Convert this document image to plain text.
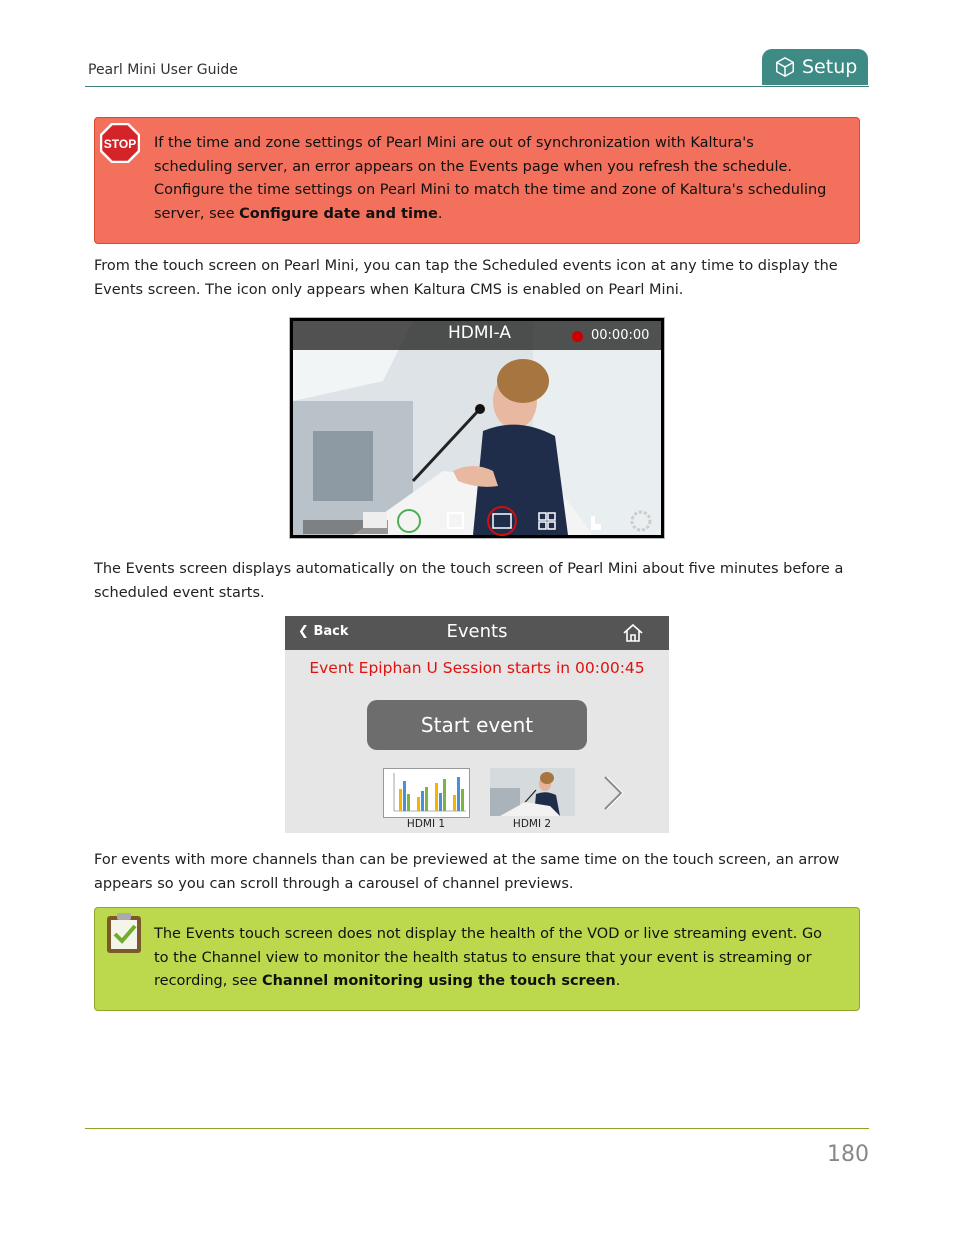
Pearl Mini User Guide	Setup
STOP If the time and zone settings of Pearl Mini are out of synchronization with Kaltura's scheduling server, an error appears on the Events page when you refresh the schedule. Configure the time settings on Pearl Mini to match the time and zone of Kaltura's scheduling server, see Configure date and time.
From the touch screen on Pearl Mini, you can tap the Scheduled events icon at any time to display the Events screen. The icon only appears when Kaltura CMS is enabled on Pearl Mini.
HDMI-A	00:00:00
The Events screen displays automatically on the touch screen of Pearl Mini about five minutes before a scheduled event starts.
❮ Back	Events
Event Epiphan U Session starts in 00:00:45
Start event
HDMI 1	HDMI 2
For events with more channels than can be previewed at the same time on the touch screen, an arrow appears so you can scroll through a carousel of channel previews.
The Events touch screen does not display the health of the VOD or live streaming event. Go to the Channel view to monitor the health status to ensure that your event is streaming or recording, see Channel monitoring using the touch screen.
180
